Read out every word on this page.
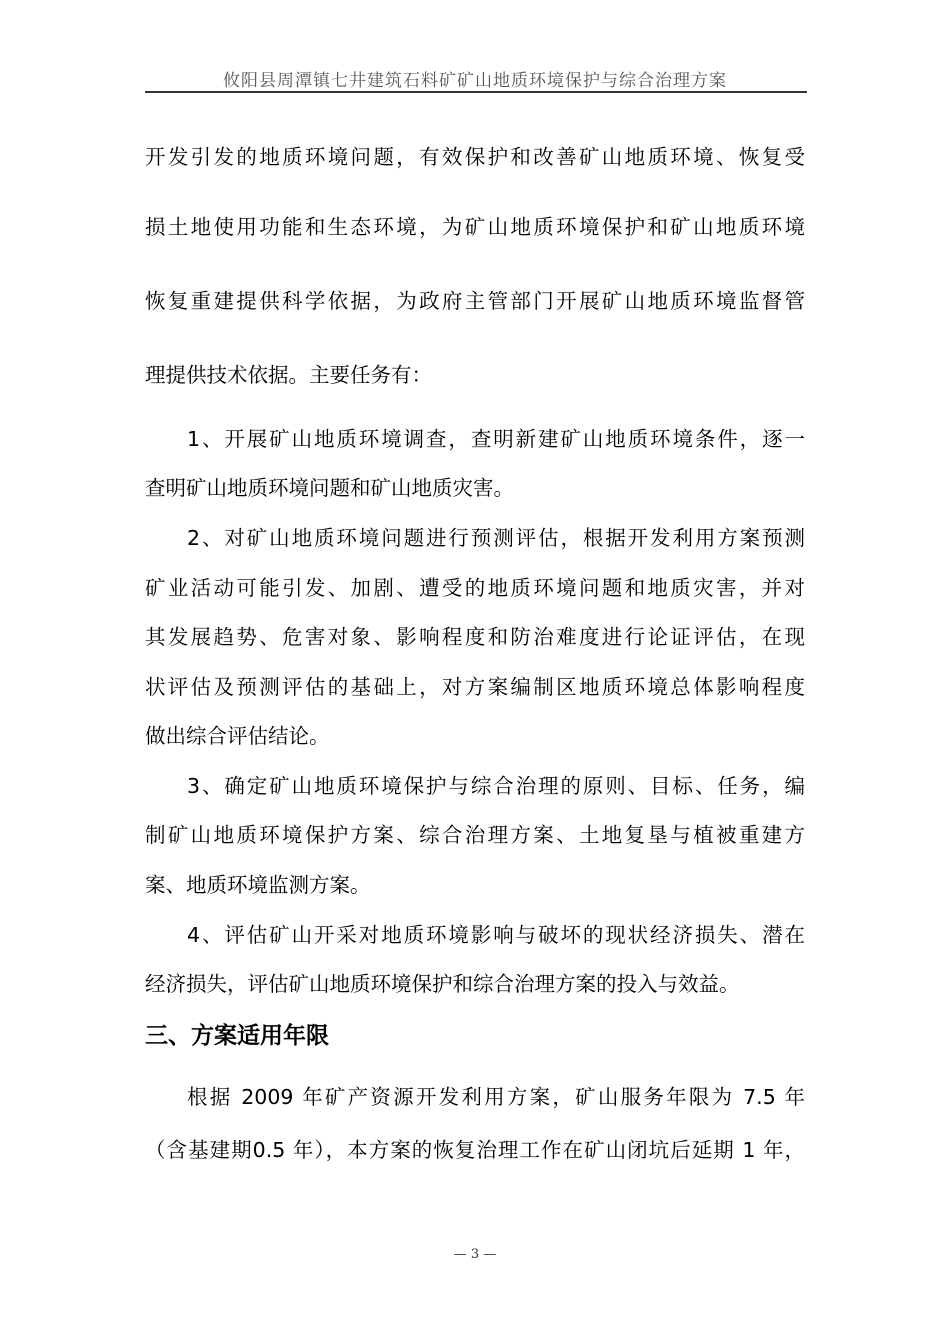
攸阳县周潭镇七井建筑石料矿矿山地质环境保护与综合治理方案
开发引发的地质环境问题，有效保护和改善矿山地质环境、恢复受
损土地使用功能和生态环境，为矿山地质环境保护和矿山地质环境
恢复重建提供科学依据，为政府主管部门开展矿山地质环境监督管
理提供技术依据。主要任务有：
1、开展矿山地质环境调查，查明新建矿山地质环境条件，逐一
查明矿山地质环境问题和矿山地质灾害。
2、对矿山地质环境问题进行预测评估，根据开发利用方案预测
矿业活动可能引发、加剧、遭受的地质环境问题和地质灾害，并对
其发展趋势、危害对象、影响程度和防治难度进行论证评估，在现
状评估及预测评估的基础上，对方案编制区地质环境总体影响程度
做出综合评估结论。
3、确定矿山地质环境保护与综合治理的原则、目标、任务，编
制矿山地质环境保护方案、综合治理方案、土地复垦与植被重建方
案、地质环境监测方案。
4、评估矿山开采对地质环境影响与破坏的现状经济损失、潜在
经济损失，评估矿山地质环境保护和综合治理方案的投入与效益。
三、方案适用年限
根据 2009 年矿产资源开发利用方案，矿山服务年限为 7.5 年
（含基建期0.5 年），本方案的恢复治理工作在矿山闭坑后延期 1 年，
— 3 —
